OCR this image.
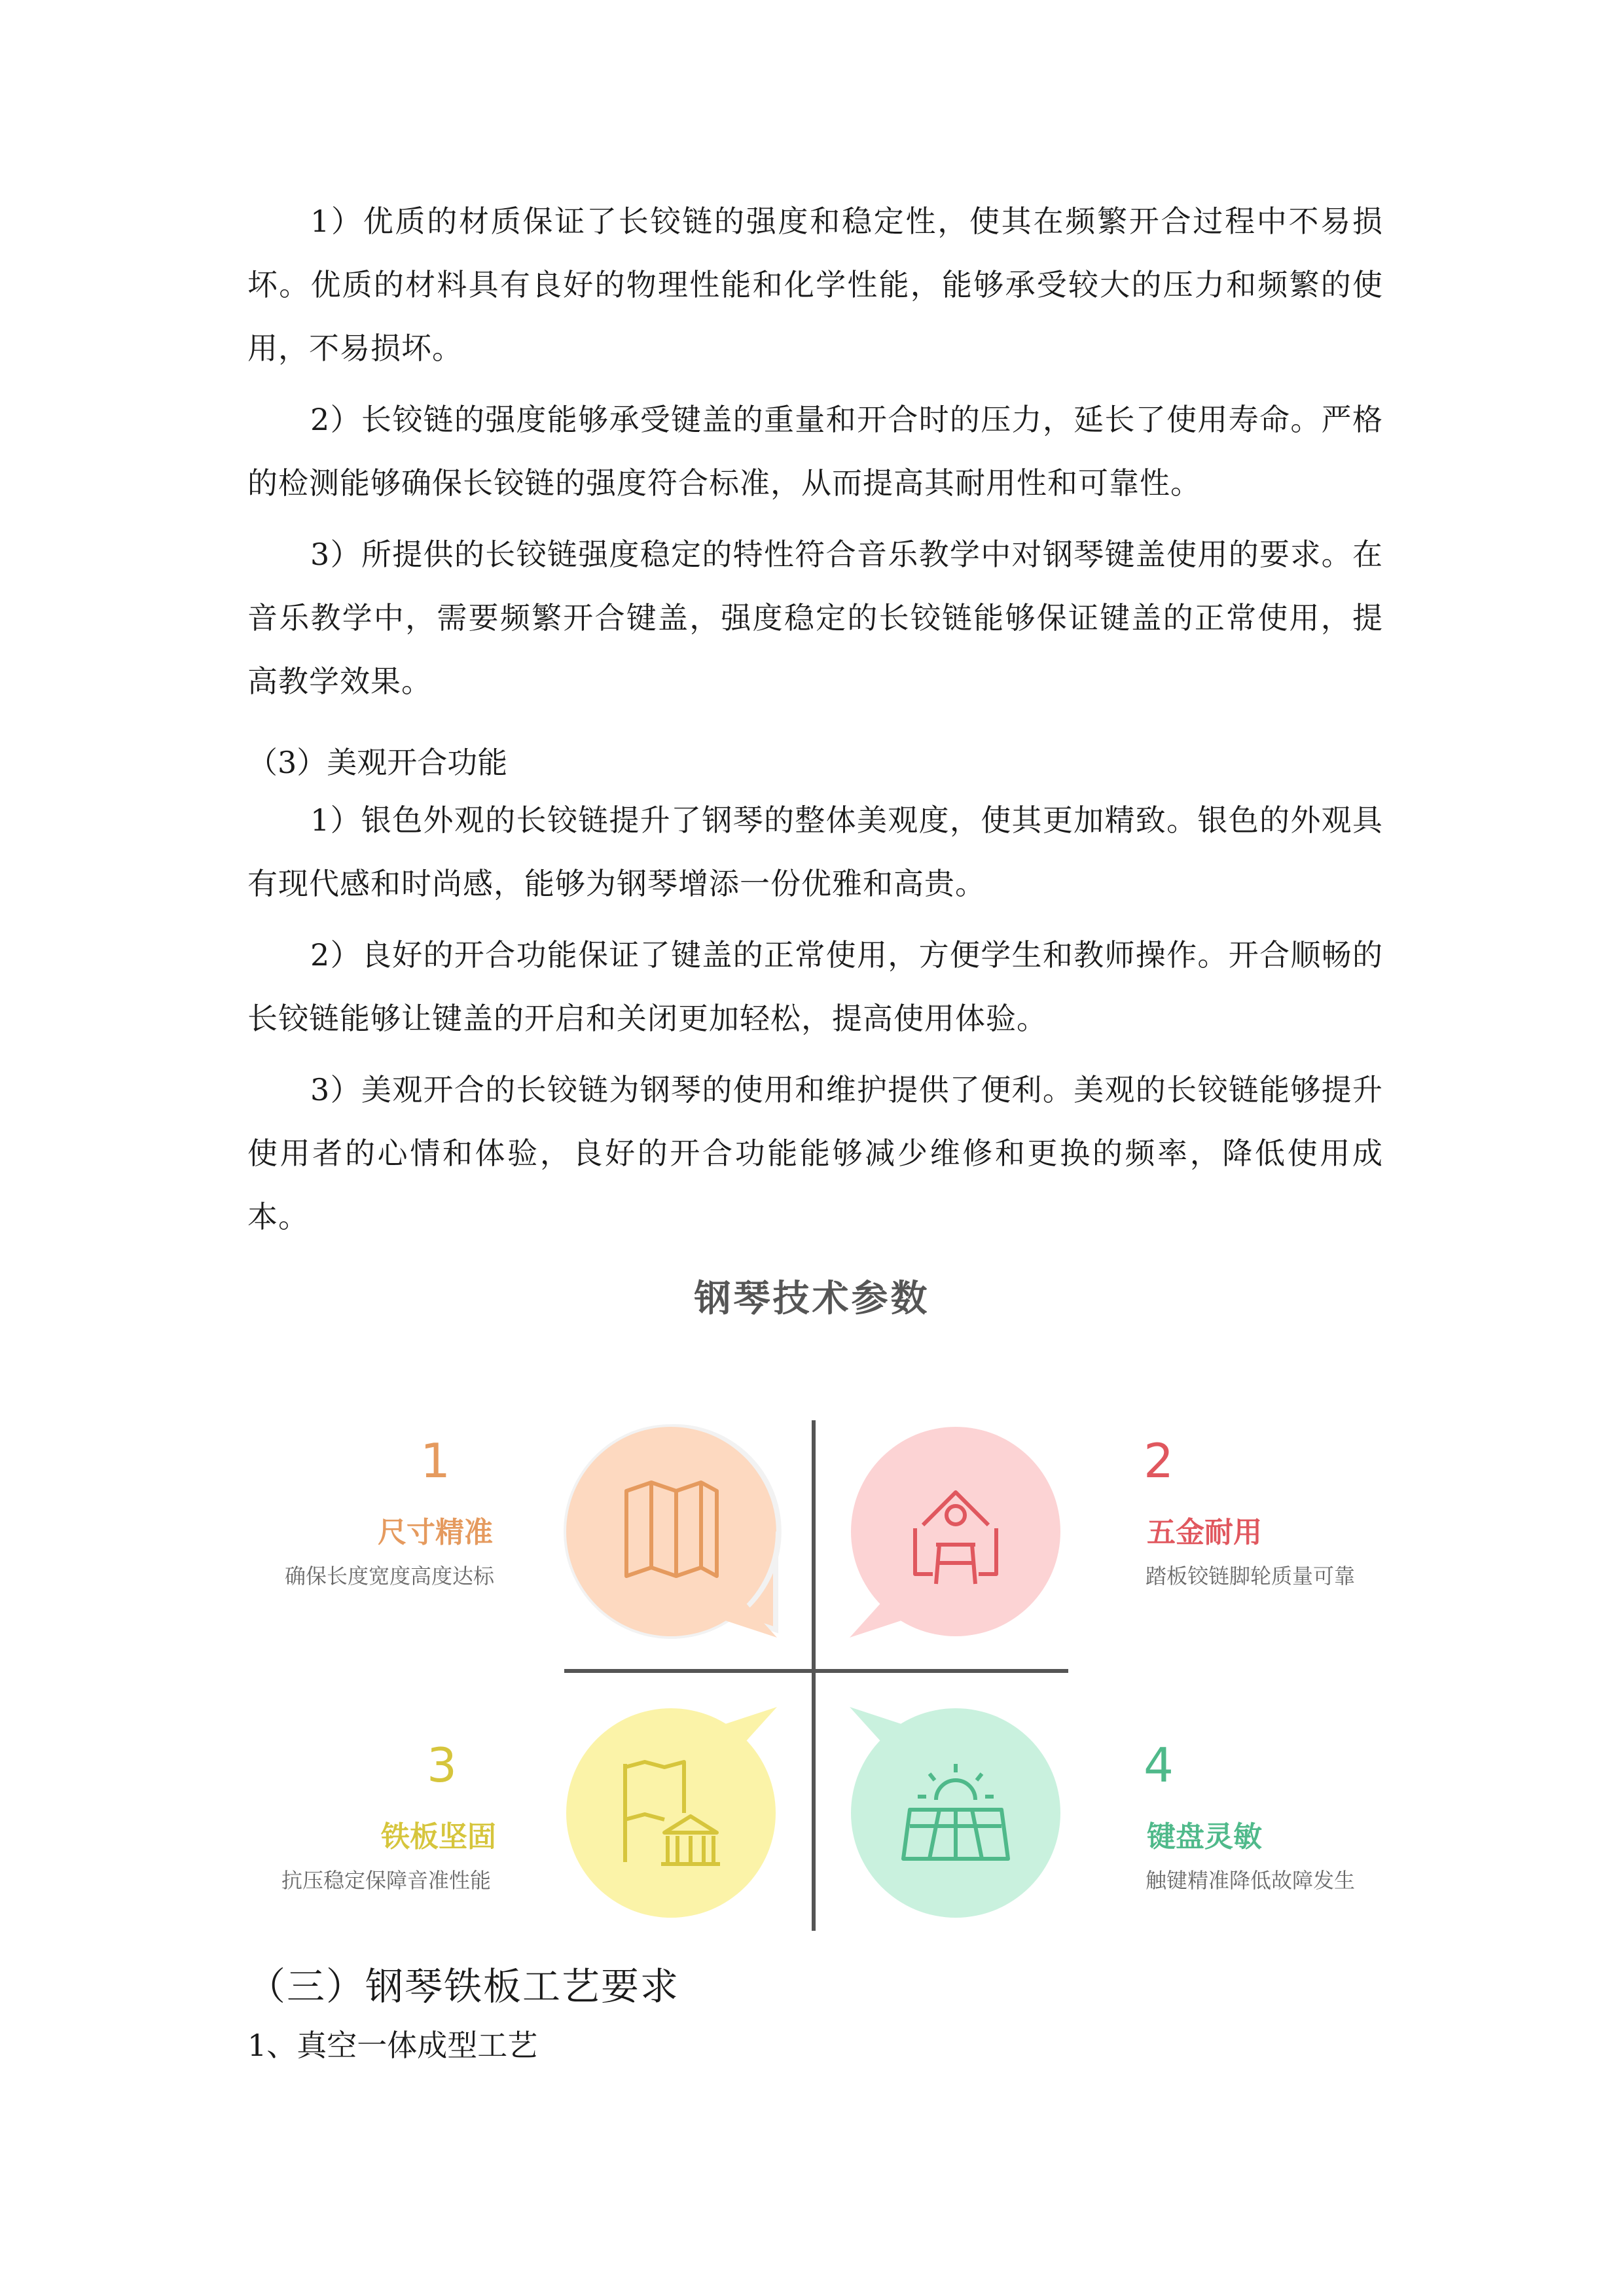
1）优质的材质保证了长铰链的强度和稳定性，使其在频繁开合过程中不易损坏。优质的材料具有良好的物理性能和化学性能，能够承受较大的压力和频繁的使用，不易损坏。

2）长铰链的强度能够承受键盖的重量和开合时的压力，延长了使用寿命。严格的检测能够确保长铰链的强度符合标准，从而提高其耐用性和可靠性。

3）所提供的长铰链强度稳定的特性符合音乐教学中对钢琴键盖使用的要求。在音乐教学中，需要频繁开合键盖，强度稳定的长铰链能够保证键盖的正常使用，提高教学效果。

（3）美观开合功能

1）银色外观的长铰链提升了钢琴的整体美观度，使其更加精致。银色的外观具有现代感和时尚感，能够为钢琴增添一份优雅和高贵。

2）良好的开合功能保证了键盖的正常使用，方便学生和教师操作。开合顺畅的长铰链能够让键盖的开启和关闭更加轻松，提高使用体验。

3）美观开合的长铰链为钢琴的使用和维护提供了便利。美观的长铰链能够提升使用者的心情和体验，良好的开合功能能够减少维修和更换的频率，降低使用成本。

钢琴技术参数
1
尺寸精准
确保长度宽度高度达标
2
五金耐用
踏板铰链脚轮质量可靠
3
铁板坚固
抗压稳定保障音准性能
4
键盘灵敏
触键精准降低故障发生
（三）钢琴铁板工艺要求
1、真空一体成型工艺
